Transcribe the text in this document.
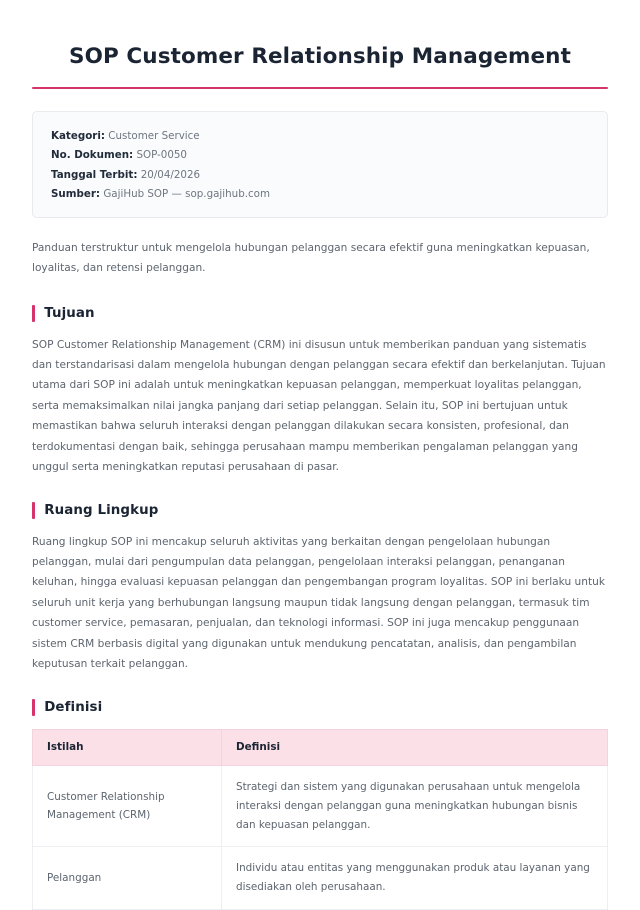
SOP Customer Relationship Management
Kategori: Customer Service
No. Dokumen: SOP-0050
Tanggal Terbit: 20/04/2026
Sumber: GajiHub SOP — sop.gajihub.com

Panduan terstruktur untuk mengelola hubungan pelanggan secara efektif guna meningkatkan kepuasan, loyalitas, dan retensi pelanggan.

Tujuan

SOP Customer Relationship Management (CRM) ini disusun untuk memberikan panduan yang sistematis dan terstandarisasi dalam mengelola hubungan dengan pelanggan secara efektif dan berkelanjutan. Tujuan utama dari SOP ini adalah untuk meningkatkan kepuasan pelanggan, memperkuat loyalitas pelanggan, serta memaksimalkan nilai jangka panjang dari setiap pelanggan. Selain itu, SOP ini bertujuan untuk memastikan bahwa seluruh interaksi dengan pelanggan dilakukan secara konsisten, profesional, dan terdokumentasi dengan baik, sehingga perusahaan mampu memberikan pengalaman pelanggan yang unggul serta meningkatkan reputasi perusahaan di pasar.

Ruang Lingkup

Ruang lingkup SOP ini mencakup seluruh aktivitas yang berkaitan dengan pengelolaan hubungan pelanggan, mulai dari pengumpulan data pelanggan, pengelolaan interaksi pelanggan, penanganan keluhan, hingga evaluasi kepuasan pelanggan dan pengembangan program loyalitas. SOP ini berlaku untuk seluruh unit kerja yang berhubungan langsung maupun tidak langsung dengan pelanggan, termasuk tim customer service, pemasaran, penjualan, dan teknologi informasi. SOP ini juga mencakup penggunaan sistem CRM berbasis digital yang digunakan untuk mendukung pencatatan, analisis, dan pengambilan keputusan terkait pelanggan.

Definisi
Istilah	Definisi
Customer Relationship Management (CRM)	Strategi dan sistem yang digunakan perusahaan untuk mengelola interaksi dengan pelanggan guna meningkatkan hubungan bisnis dan kepuasan pelanggan.
Pelanggan	Individu atau entitas yang menggunakan produk atau layanan yang disediakan oleh perusahaan.
